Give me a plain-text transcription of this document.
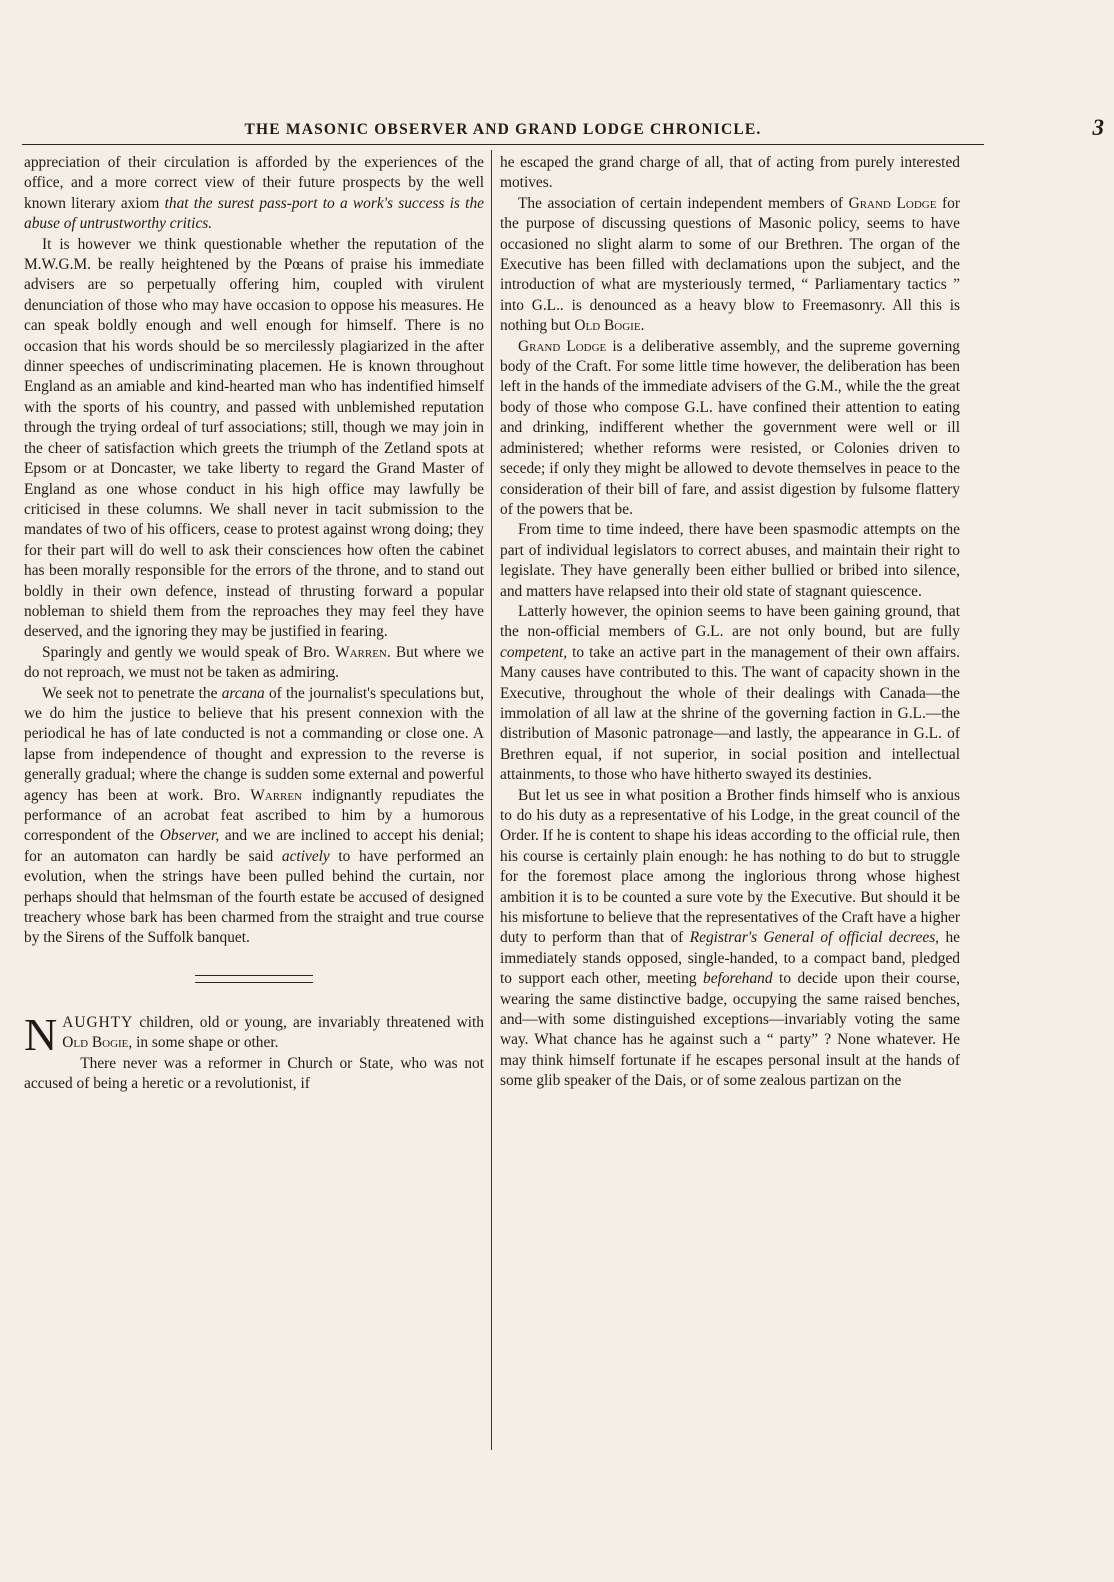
THE MASONIC OBSERVER AND GRAND LODGE CHRONICLE.	3

appreciation of their circulation is afforded by the experiences of the office, and a more correct view of their future prospects by the well known literary axiom that the surest pass-port to a work's success is the abuse of untrustworthy critics.

It is however we think questionable whether the reputation of the M.W.G.M. be really heightened by the Pœans of praise his immediate advisers are so perpetually offering him, coupled with virulent denunciation of those who may have occasion to oppose his measures. He can speak boldly enough and well enough for himself. There is no occasion that his words should be so mercilessly plagiarized in the after dinner speeches of undiscriminating placemen. He is known throughout England as an amiable and kind-hearted man who has indentified himself with the sports of his country, and passed with unblemished reputation through the trying ordeal of turf associations; still, though we may join in the cheer of satisfaction which greets the triumph of the Zetland spots at Epsom or at Doncaster, we take liberty to regard the Grand Master of England as one whose conduct in his high office may lawfully be criticised in these columns. We shall never in tacit submission to the mandates of two of his officers, cease to protest against wrong doing; they for their part will do well to ask their consciences how often the cabinet has been morally responsible for the errors of the throne, and to stand out boldly in their own defence, instead of thrusting forward a popular nobleman to shield them from the reproaches they may feel they have deserved, and the ignoring they may be justified in fearing.

Sparingly and gently we would speak of Bro. Warren. But where we do not reproach, we must not be taken as admiring.

We seek not to penetrate the arcana of the journalist's speculations but, we do him the justice to believe that his present connexion with the periodical he has of late conducted is not a commanding or close one. A lapse from independence of thought and expression to the reverse is generally gradual; where the change is sudden some external and powerful agency has been at work. Bro. Warren indignantly repudiates the performance of an acrobat feat ascribed to him by a humorous correspondent of the Observer, and we are inclined to accept his denial; for an automaton can hardly be said actively to have performed an evolution, when the strings have been pulled behind the curtain, nor perhaps should that helmsman of the fourth estate be accused of designed treachery whose bark has been charmed from the straight and true course by the Sirens of the Suffolk banquet.

NAUGHTY children, old or young, are invariably threatened with Old Bogie, in some shape or other.

There never was a reformer in Church or State, who was not accused of being a heretic or a revolutionist, if

he escaped the grand charge of all, that of acting from purely interested motives.

The association of certain independent members of Grand Lodge for the purpose of discussing questions of Masonic policy, seems to have occasioned no slight alarm to some of our Brethren. The organ of the Executive has been filled with declamations upon the subject, and the introduction of what are mysteriously termed, “ Parliamentary tactics ” into G.L.. is denounced as a heavy blow to Freemasonry. All this is nothing but Old Bogie.

Grand Lodge is a deliberative assembly, and the supreme governing body of the Craft. For some little time however, the deliberation has been left in the hands of the immediate advisers of the G.M., while the the great body of those who compose G.L. have confined their attention to eating and drinking, indifferent whether the government were well or ill administered; whether reforms were resisted, or Colonies driven to secede; if only they might be allowed to devote themselves in peace to the consideration of their bill of fare, and assist digestion by fulsome flattery of the powers that be.

From time to time indeed, there have been spasmodic attempts on the part of individual legislators to correct abuses, and maintain their right to legislate. They have generally been either bullied or bribed into silence, and matters have relapsed into their old state of stagnant quiescence.

Latterly however, the opinion seems to have been gaining ground, that the non-official members of G.L. are not only bound, but are fully competent, to take an active part in the management of their own affairs. Many causes have contributed to this. The want of capacity shown in the Executive, throughout the whole of their dealings with Canada—the immolation of all law at the shrine of the governing faction in G.L.—the distribution of Masonic patronage—and lastly, the appearance in G.L. of Brethren equal, if not superior, in social position and intellectual attainments, to those who have hitherto swayed its destinies.

But let us see in what position a Brother finds himself who is anxious to do his duty as a representative of his Lodge, in the great council of the Order. If he is content to shape his ideas according to the official rule, then his course is certainly plain enough: he has nothing to do but to struggle for the foremost place among the inglorious throng whose highest ambition it is to be counted a sure vote by the Executive. But should it be his misfortune to believe that the representatives of the Craft have a higher duty to perform than that of Registrar's General of official decrees, he immediately stands opposed, single-handed, to a compact band, pledged to support each other, meeting beforehand to decide upon their course, wearing the same distinctive badge, occupying the same raised benches, and—with some distinguished exceptions—invariably voting the same way. What chance has he against such a “ party” ? None whatever. He may think himself fortunate if he escapes personal insult at the hands of some glib speaker of the Dais, or of some zealous partizan on the
